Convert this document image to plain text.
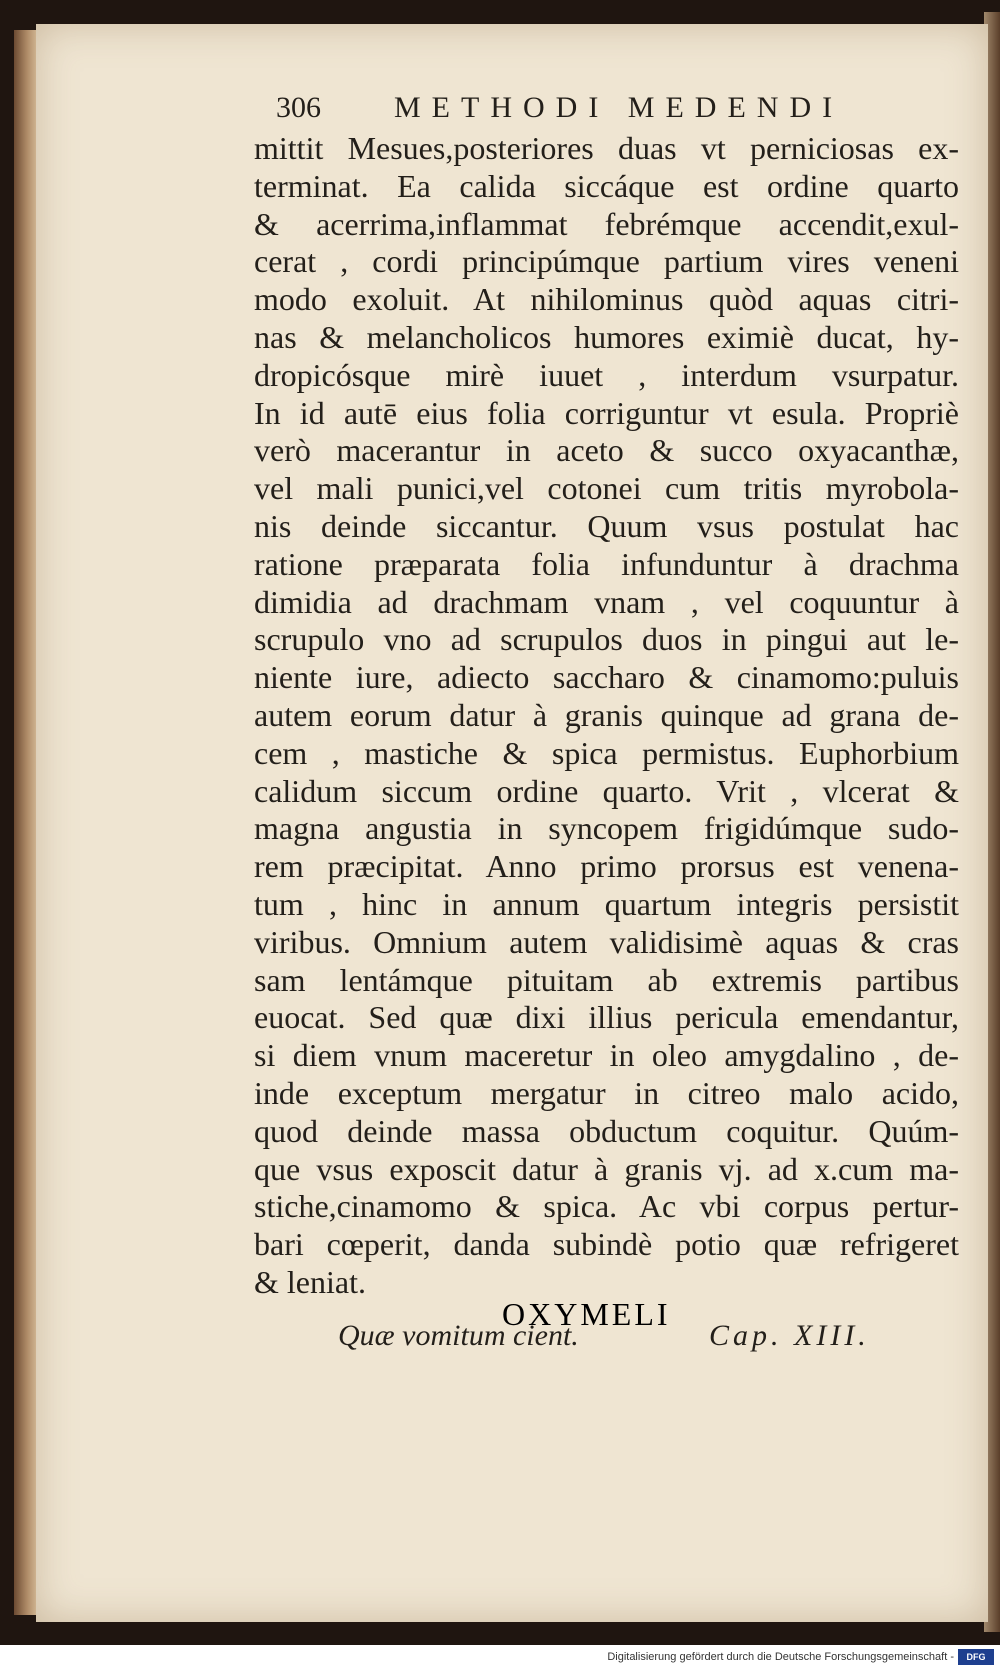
306 METHODI MEDENDI
mittit Mesues,posteriores duas vt perniciosas ex-
terminat. Ea calida siccáque est ordine quarto
& acerrima,inflammat febrémque accendit,exul-
cerat , cordi principúmque partium vires veneni
modo exoluit. At nihilominus quòd aquas citri-
nas & melancholicos humores eximiè ducat, hy-
dropicósque mirè iuuet , interdum vsurpatur.
In id autē eius folia corriguntur vt esula. Propriè
verò macerantur in aceto & succo oxyacanthæ,
vel mali punici,vel cotonei cum tritis myrobola-
nis deinde siccantur. Quum vsus postulat hac
ratione præparata folia infunduntur à drachma
dimidia ad drachmam vnam , vel coquuntur à
scrupulo vno ad scrupulos duos in pingui aut le-
niente iure, adiecto saccharo & cinamomo:puluis
autem eorum datur à granis quinque ad grana de-
cem , mastiche & spica permistus. Euphorbium
calidum siccum ordine quarto. Vrit , vlcerat &
magna angustia in syncopem frigidúmque sudo-
rem præcipitat. Anno primo prorsus est venena-
tum , hinc in annum quartum integris persistit
viribus. Omnium autem validisimè aquas & cras
sam lentámque pituitam ab extremis partibus
euocat. Sed quæ dixi illius pericula emendantur,
si diem vnum maceretur in oleo amygdalino , de-
inde exceptum mergatur in citreo malo acido,
quod deinde massa obductum coquitur. Quúm-
que vsus exposcit datur à granis vj. ad x.cum ma-
stiche,cinamomo & spica. Ac vbi corpus pertur-
bari cœperit, danda subindè potio quæ refrigeret
& leniat.
Quæ vomitum cient.	Cap. XIII.
OXYMELI
Digitalisierung gefördert durch die Deutsche Forschungsgemeinschaft -	DFG
